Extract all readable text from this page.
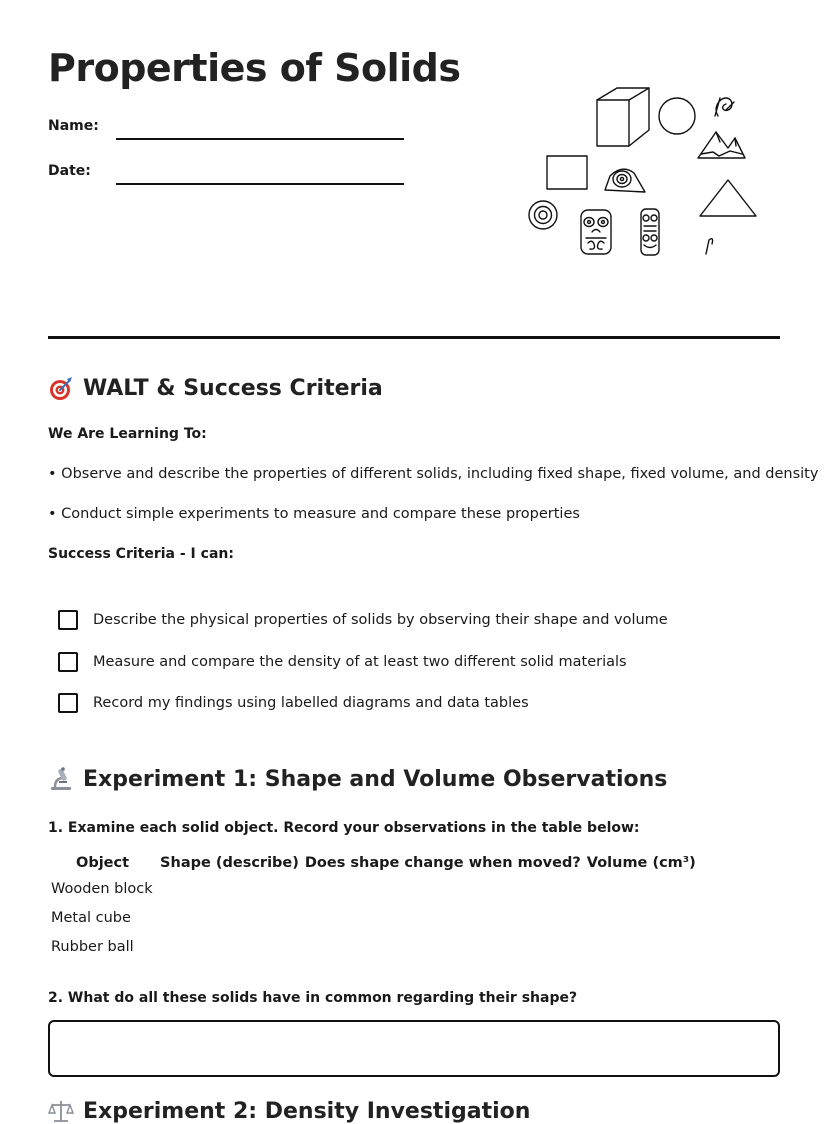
Properties of Solids
Name:
Date:
WALT & Success Criteria
We Are Learning To:
• Observe and describe the properties of different solids, including fixed shape, fixed volume, and density
• Conduct simple experiments to measure and compare these properties
Success Criteria - I can:
Describe the physical properties of solids by observing their shape and volume
Measure and compare the density of at least two different solid materials
Record my findings using labelled diagrams and data tables
Experiment 1: Shape and Volume Observations
1. Examine each solid object. Record your observations in the table below:
Object	Shape (describe)	Does shape change when moved?	Volume (cm³)
Wooden block			
Metal cube			
Rubber ball			
2. What do all these solids have in common regarding their shape?
Experiment 2: Density Investigation
